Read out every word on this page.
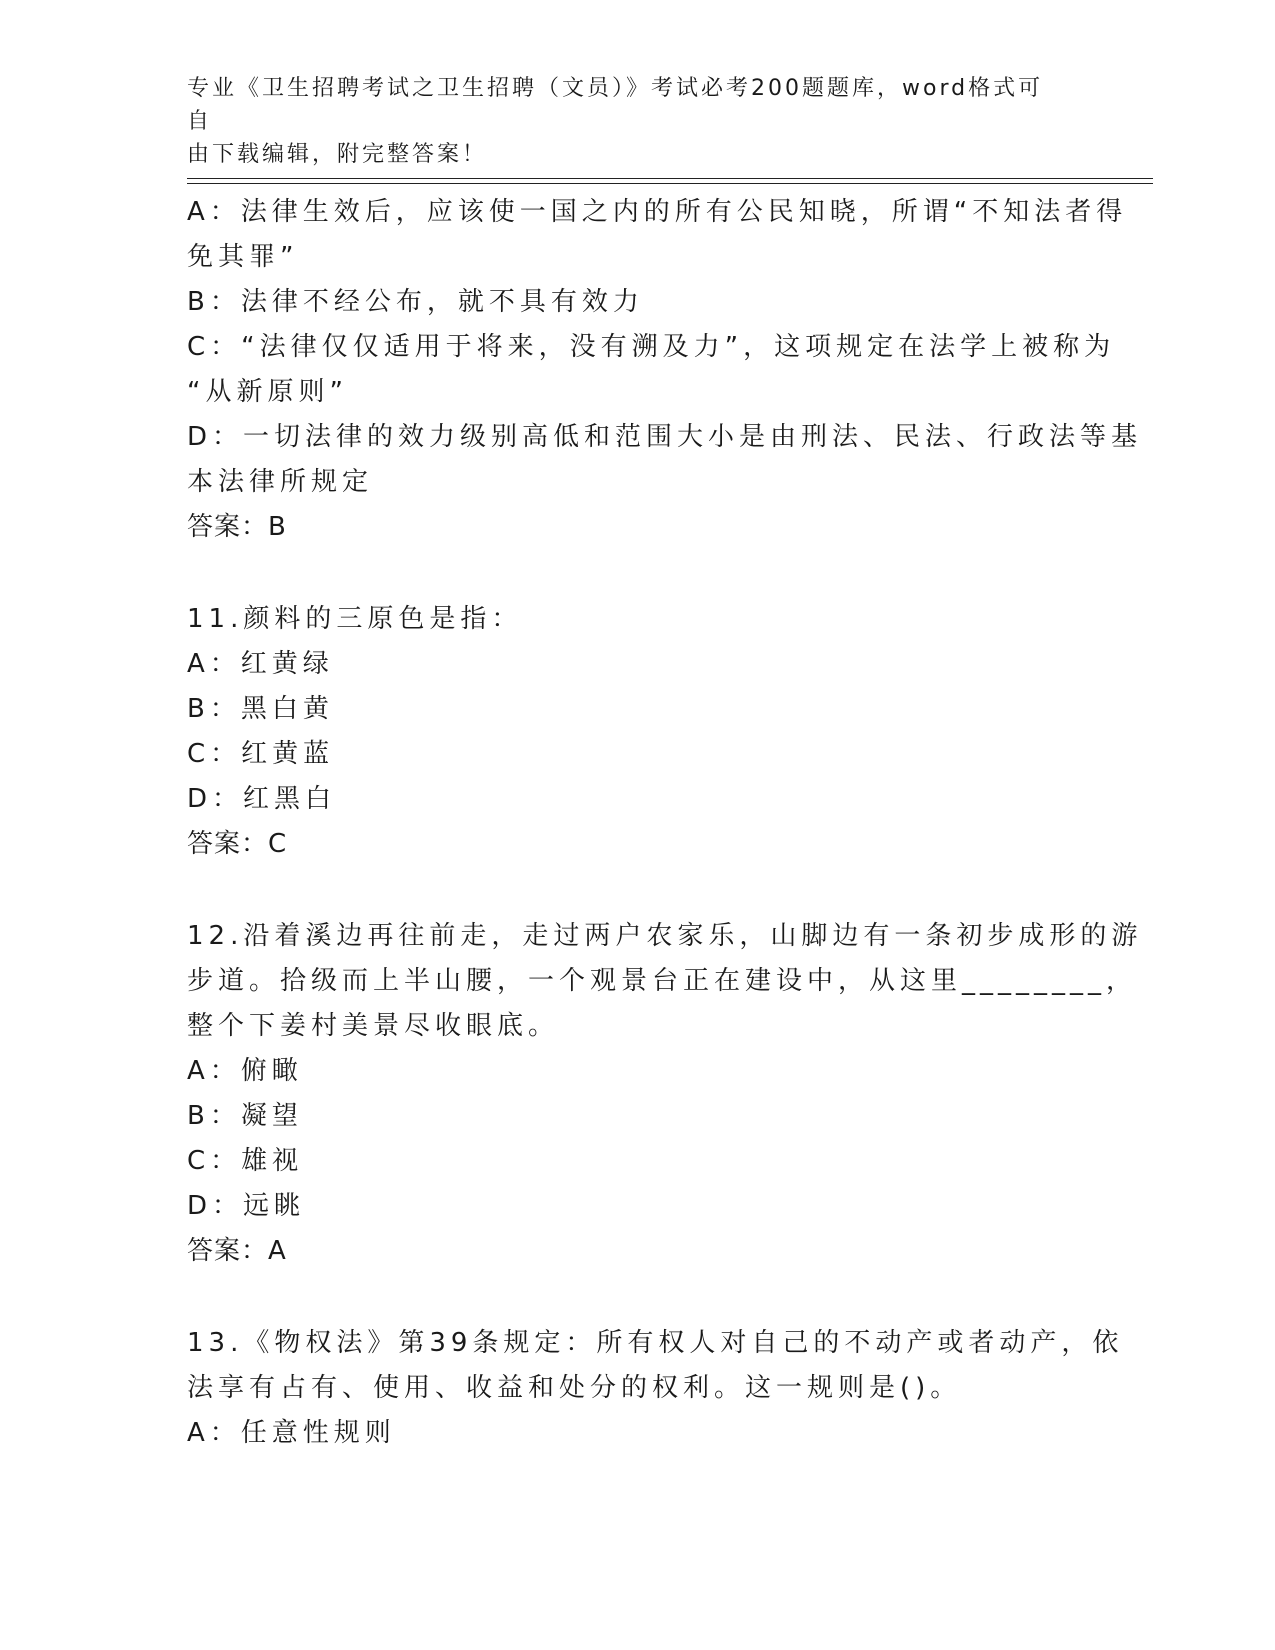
专业《卫生招聘考试之卫生招聘（文员）》考试必考200题题库，word格式可自
由下载编辑，附完整答案！
A：法律生效后，应该使一国之内的所有公民知晓，所谓“不知法者得
免其罪”
B：法律不经公布，就不具有效力
C：“法律仅仅适用于将来，没有溯及力”，这项规定在法学上被称为
“从新原则”
D：一切法律的效力级别高低和范围大小是由刑法、民法、行政法等基
本法律所规定
答案：B
11.颜料的三原色是指：
A：红黄绿
B：黑白黄
C：红黄蓝
D：红黑白
答案：C
12.沿着溪边再往前走，走过两户农家乐，山脚边有一条初步成形的游
步道。拾级而上半山腰，一个观景台正在建设中，从这里________，
整个下姜村美景尽收眼底。
A：俯瞰
B：凝望
C：雄视
D：远眺
答案：A
13.《物权法》第39条规定：所有权人对自己的不动产或者动产，依
法享有占有、使用、收益和处分的权利。这一规则是()。
A：任意性规则
